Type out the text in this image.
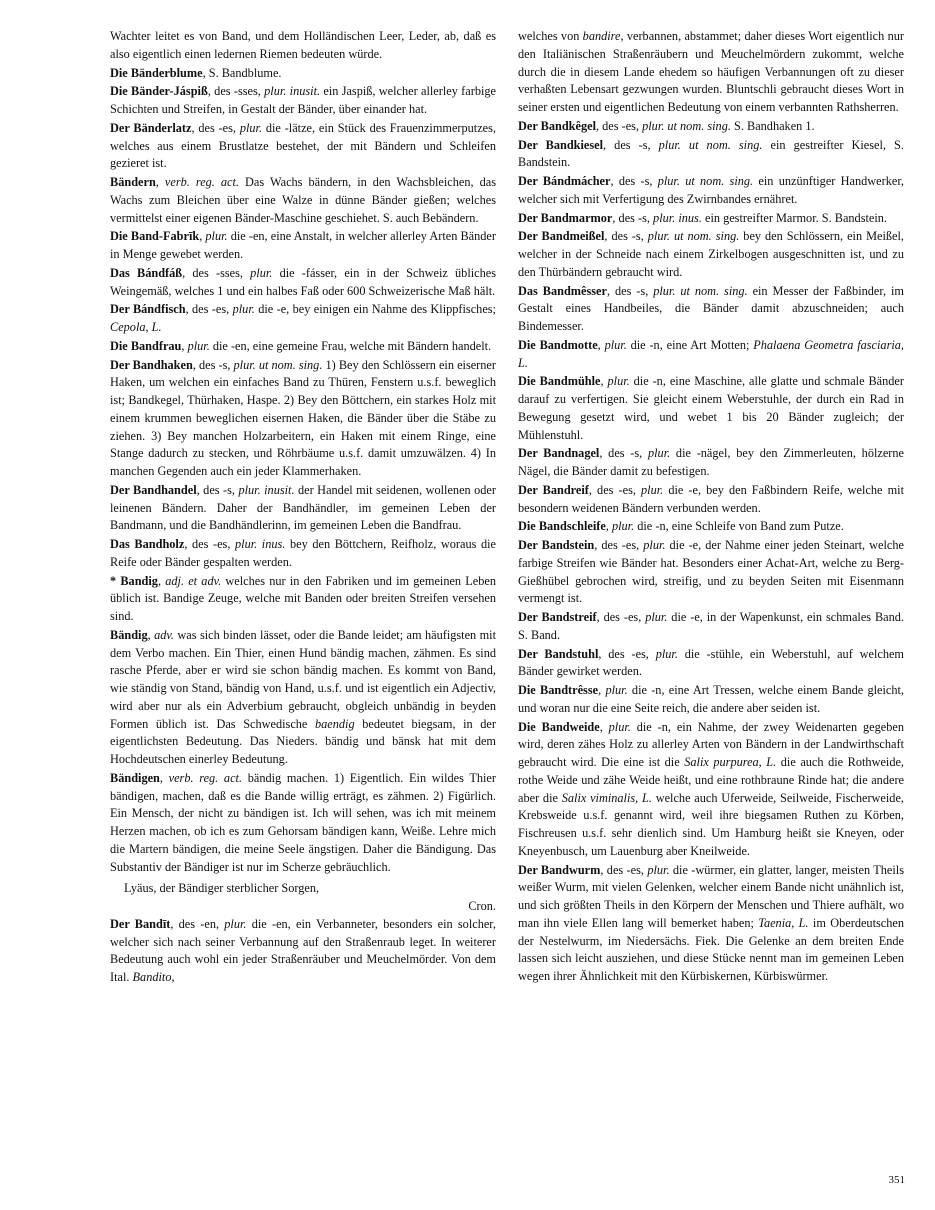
Wachter leitet es von Band, und dem Holländischen Leer, Leder, ab, daß es also eigentlich einen ledernen Riemen bedeuten würde.

Die Bänderblume, S. Bandblume.

Die Bänder-Jáspiß, des -sses, plur. inusit. ein Jaspiß, welcher allerley farbige Schichten und Streifen, in Gestalt der Bänder, über einander hat.

Der Bänderlatz, des -es, plur. die -lätze, ein Stück des Frauenzimmerputzes, welches aus einem Brustlatze bestehet, der mit Bändern und Schleifen gezieret ist.

Bändern, verb. reg. act. Das Wachs bändern, in den Wachsbleichen, das Wachs zum Bleichen über eine Walze in dünne Bänder gießen; welches vermittelst einer eigenen Bänder-Maschine geschiehet. S. auch Bebändern.

Die Band-Fabrīk, plur. die -en, eine Anstalt, in welcher allerley Arten Bänder in Menge gewebet werden.

Das Bándfáß, des -sses, plur. die -fásser, ein in der Schweiz übliches Weingemäß, welches 1 und ein halbes Faß oder 600 Schweizerische Maß hält.

Der Bándfisch, des -es, plur. die -e, bey einigen ein Nahme des Klippfisches; Cepola, L.

Die Bandfrau, plur. die -en, eine gemeine Frau, welche mit Bändern handelt.

Der Bandhaken, des -s, plur. ut nom. sing. 1) Bey den Schlössern ein eiserner Haken, um welchen ein einfaches Band zu Thüren, Fenstern u.s.f. beweglich ist; Bandkegel, Thürhaken, Haspe. 2) Bey den Böttchern, ein starkes Holz mit einem krummen beweglichen eisernen Haken, die Bänder über die Stäbe zu ziehen. 3) Bey manchen Holzarbeitern, ein Haken mit einem Ringe, eine Stange dadurch zu stecken, und Röhrbäume u.s.f. damit umzuwälzen. 4) In manchen Gegenden auch ein jeder Klammerhaken.

Der Bandhandel, des -s, plur. inusit. der Handel mit seidenen, wollenen oder leinenen Bändern. Daher der Bandhändler, im gemeinen Leben der Bandmann, und die Bandhändlerinn, im gemeinen Leben die Bandfrau.

Das Bandholz, des -es, plur. inus. bey den Böttchern, Reifholz, woraus die Reife oder Bänder gespalten werden.

* Bandig, adj. et adv. welches nur in den Fabriken und im gemeinen Leben üblich ist. Bandige Zeuge, welche mit Banden oder breiten Streifen versehen sind.

Bändig, adv. was sich binden lässet, oder die Bande leidet; am häufigsten mit dem Verbo machen. Ein Thier, einen Hund bändig machen, zähmen. Es sind rasche Pferde, aber er wird sie schon bändig machen. Es kommt von Band, wie ständig von Stand, bändig von Hand, u.s.f. und ist eigentlich ein Adjectiv, wird aber nur als ein Adverbium gebraucht, obgleich unbändig in beyden Formen üblich ist. Das Schwedische baendig bedeutet biegsam, in der eigentlichsten Bedeutung. Das Nieders. bändig und bänsk hat mit dem Hochdeutschen einerley Bedeutung.

Bändigen, verb. reg. act. bändig machen. 1) Eigentlich. Ein wildes Thier bändigen, machen, daß es die Bande willig erträgt, es zähmen. 2) Figürlich. Ein Mensch, der nicht zu bändigen ist. Ich will sehen, was ich mit meinem Herzen machen, ob ich es zum Gehorsam bändigen kann, Weiße. Lehre mich die Martern bändigen, die meine Seele ängstigen. Daher die Bändigung. Das Substantiv der Bändiger ist nur im Scherze gebräuchlich.

Lyäus, der Bändiger sterblicher Sorgen,

Cron.

Der Bandīt, des -en, plur. die -en, ein Verbanneter, besonders ein solcher, welcher sich nach seiner Verbannung auf den Straßenraub leget. In weiterer Bedeutung auch wohl ein jeder Straßenräuber und Meuchelmörder. Von dem Ital. Bandito,

welches von bandire, verbannen, abstammet; daher dieses Wort eigentlich nur den Italiänischen Straßenräubern und Meuchelmördern zukommt, welche durch die in diesem Lande ehedem so häufigen Verbannungen oft zu dieser verhaßten Lebensart gezwungen wurden. Bluntschli gebraucht dieses Wort in seiner ersten und eigentlichen Bedeutung von einem verbannten Rathsherren.

Der Bandkêgel, des -es, plur. ut nom. sing. S. Bandhaken 1.

Der Bandkiesel, des -s, plur. ut nom. sing. ein gestreifter Kiesel, S. Bandstein.

Der Bándmácher, des -s, plur. ut nom. sing. ein unzünftiger Handwerker, welcher sich mit Verfertigung des Zwirnbandes ernähret.

Der Bandmarmor, des -s, plur. inus. ein gestreifter Marmor. S. Bandstein.

Der Bandmeißel, des -s, plur. ut nom. sing. bey den Schlössern, ein Meißel, welcher in der Schneide nach einem Zirkelbogen ausgeschnitten ist, und zu den Thürbändern gebraucht wird.

Das Bandmêsser, des -s, plur. ut nom. sing. ein Messer der Faßbinder, im Gestalt eines Handbeiles, die Bänder damit abzuschneiden; auch Bindemesser.

Die Bandmotte, plur. die -n, eine Art Motten; Phalaena Geometra fasciaria, L.

Die Bandmühle, plur. die -n, eine Maschine, alle glatte und schmale Bänder darauf zu verfertigen. Sie gleicht einem Weberstuhle, der durch ein Rad in Bewegung gesetzt wird, und webet 1 bis 20 Bänder zugleich; der Mühlenstuhl.

Der Bandnagel, des -s, plur. die -nägel, bey den Zimmerleuten, hölzerne Nägel, die Bänder damit zu befestigen.

Der Bandreif, des -es, plur. die -e, bey den Faßbindern Reife, welche mit besondern weidenen Bändern verbunden werden.

Die Bandschleife, plur. die -n, eine Schleife von Band zum Putze.

Der Bandstein, des -es, plur. die -e, der Nahme einer jeden Steinart, welche farbige Streifen wie Bänder hat. Besonders einer Achat-Art, welche zu Berg-Gießhübel gebrochen wird, streifig, und zu beyden Seiten mit Eisenmann vermengt ist.

Der Bandstreif, des -es, plur. die -e, in der Wapenkunst, ein schmales Band. S. Band.

Der Bandstuhl, des -es, plur. die -stühle, ein Weberstuhl, auf welchem Bänder gewirket werden.

Die Bandtrêsse, plur. die -n, eine Art Tressen, welche einem Bande gleicht, und woran nur die eine Seite reich, die andere aber seiden ist.

Die Bandweide, plur. die -n, ein Nahme, der zwey Weidenarten gegeben wird, deren zähes Holz zu allerley Arten von Bändern in der Landwirthschaft gebraucht wird. Die eine ist die Salix purpurea, L. die auch die Rothweide, rothe Weide und zähe Weide heißt, und eine rothbraune Rinde hat; die andere aber die Salix viminalis, L. welche auch Uferweide, Seilweide, Fischerweide, Krebsweide u.s.f. genannt wird, weil ihre biegsamen Ruthen zu Körben, Fischreusen u.s.f. sehr dienlich sind. Um Hamburg heißt sie Kneyen, oder Kneyenbusch, um Lauenburg aber Kneilweide.

Der Bandwurm, des -es, plur. die -würmer, ein glatter, langer, meisten Theils weißer Wurm, mit vielen Gelenken, welcher einem Bande nicht unähnlich ist, und sich größten Theils in den Körpern der Menschen und Thiere aufhält, wo man ihn viele Ellen lang will bemerket haben; Taenia, L. im Oberdeutschen der Nestelwurm, im Niedersächs. Fiek. Die Gelenke an dem breiten Ende lassen sich leicht ausziehen, und diese Stücke nennt man im gemeinen Leben wegen ihrer Ähnlichkeit mit den Kürbiskernen, Kürbiswürmer.

351
